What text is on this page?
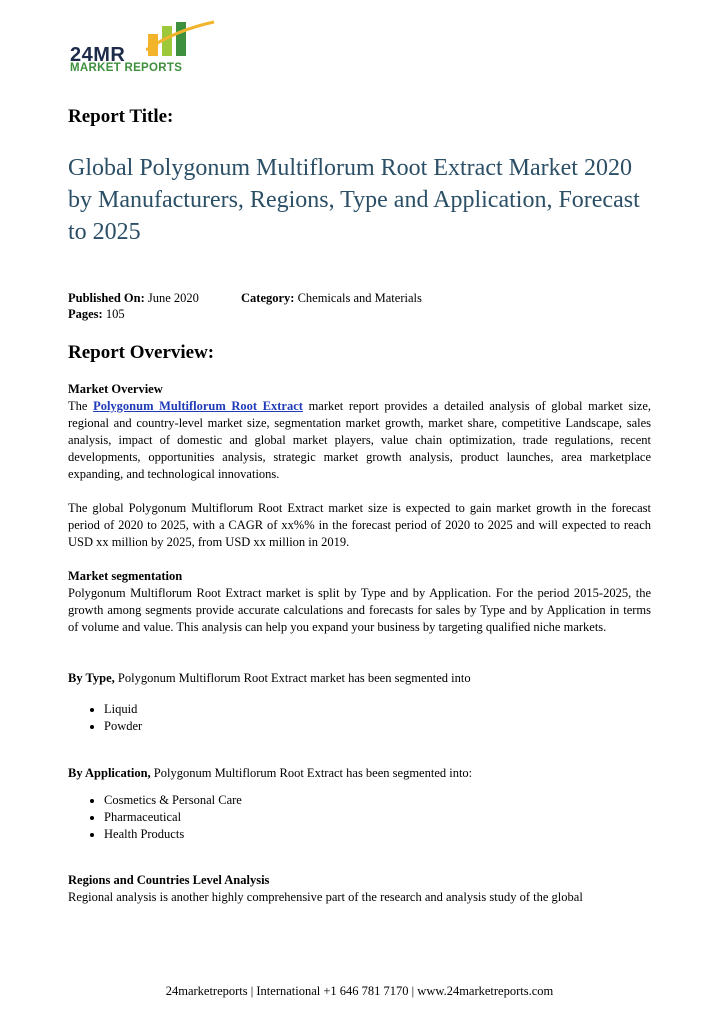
24MR
MARKET REPORTS
Report Title:
Global Polygonum Multiflorum Root Extract Market 2020 by Manufacturers, Regions, Type and Application, Forecast to 2025
Published On: June 2020	Category: Chemicals and Materials
Pages: 105
Report Overview:
Market Overview
The Polygonum Multiflorum Root Extract market report provides a detailed analysis of global market size, regional and country-level market size, segmentation market growth, market share, competitive Landscape, sales analysis, impact of domestic and global market players, value chain optimization, trade regulations, recent developments, opportunities analysis, strategic market growth analysis, product launches, area marketplace expanding, and technological innovations.
The global Polygonum Multiflorum Root Extract market size is expected to gain market growth in the forecast period of 2020 to 2025, with a CAGR of xx%% in the forecast period of 2020 to 2025 and will expected to reach USD xx million by 2025, from USD xx million in 2019.
Market segmentation
Polygonum Multiflorum Root Extract market is split by Type and by Application. For the period 2015-2025, the growth among segments provide accurate calculations and forecasts for sales by Type and by Application in terms of volume and value. This analysis can help you expand your business by targeting qualified niche markets.
By Type, Polygonum Multiflorum Root Extract market has been segmented into
• Liquid
• Powder
By Application, Polygonum Multiflorum Root Extract has been segmented into:
• Cosmetics & Personal Care
• Pharmaceutical
• Health Products
Regions and Countries Level Analysis
Regional analysis is another highly comprehensive part of the research and analysis study of the global
24marketreports | International +1 646 781 7170 | www.24marketreports.com
